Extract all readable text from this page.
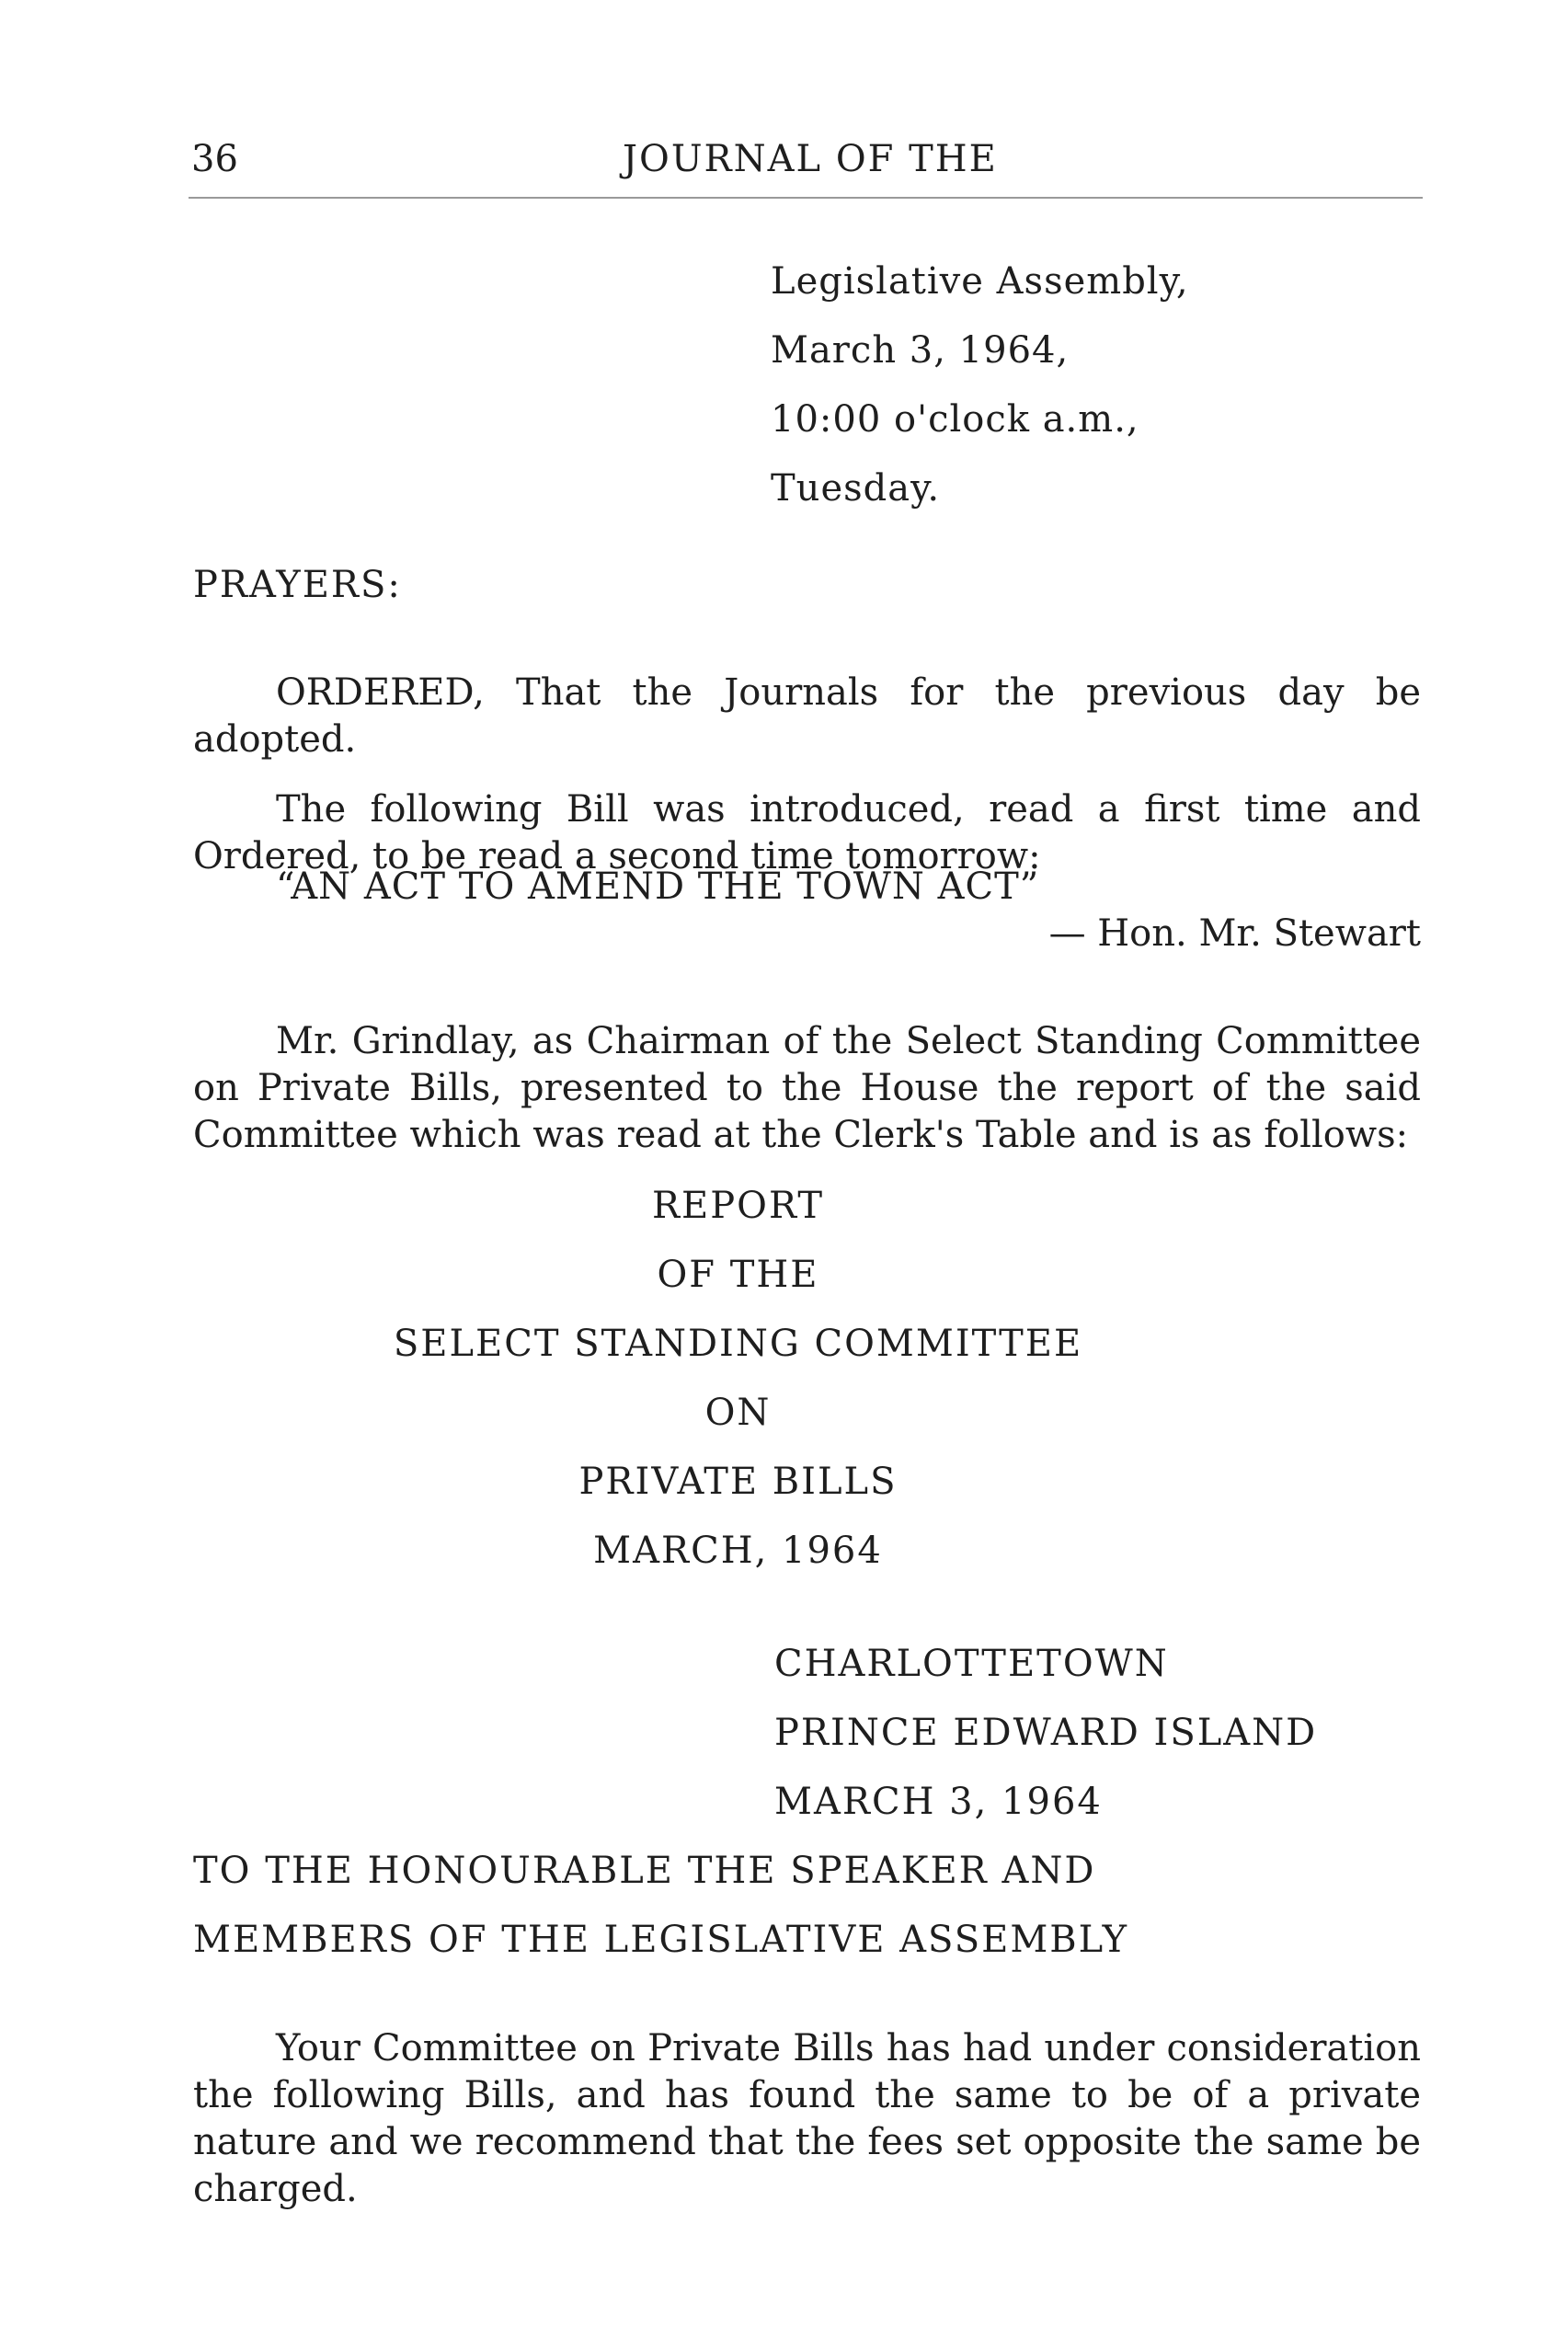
36	JOURNAL OF THE
Legislative Assembly,
March 3, 1964,
10:00 o'clock a.m.,
Tuesday.
PRAYERS:

ORDERED, That the Journals for the previous day be adopted.

The following Bill was introduced, read a first time and Ordered, to be read a second time tomorrow:

“AN ACT TO AMEND THE TOWN ACT”
— Hon. Mr. Stewart

Mr. Grindlay, as Chairman of the Select Standing Committee on Private Bills, presented to the House the report of the said Committee which was read at the Clerk's Table and is as follows:

REPORT
OF THE
SELECT STANDING COMMITTEE
ON
PRIVATE BILLS
MARCH, 1964
CHARLOTTETOWN
PRINCE EDWARD ISLAND
MARCH 3, 1964
TO THE HONOURABLE THE SPEAKER AND
MEMBERS OF THE LEGISLATIVE ASSEMBLY

Your Committee on Private Bills has had under consideration the following Bills, and has found the same to be of a private nature and we recommend that the fees set opposite the same be charged.
